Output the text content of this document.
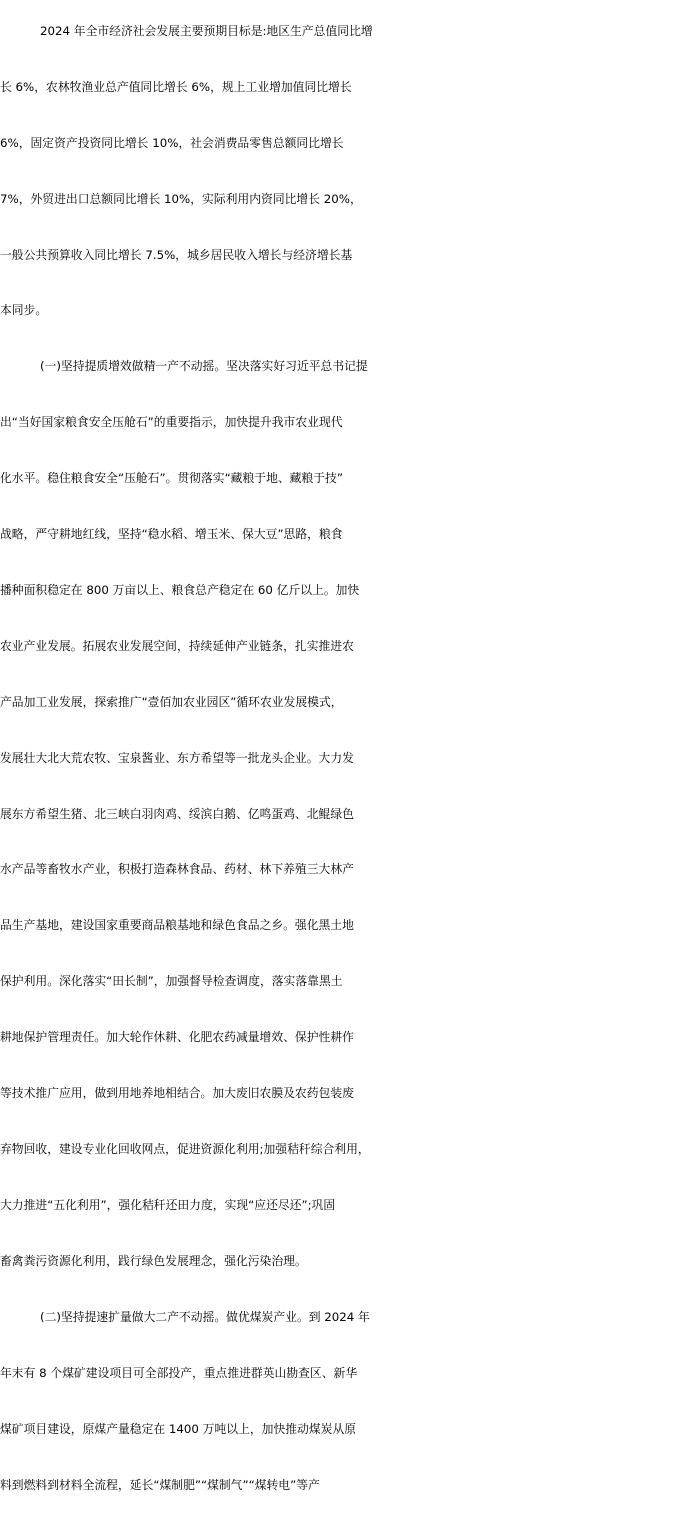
2024 年全市经济社会发展主要预期目标是:地区生产总值同比增
长 6%，农林牧渔业总产值同比增长 6%，规上工业增加值同比增长
6%，固定资产投资同比增长 10%，社会消费品零售总额同比增长
7%，外贸进出口总额同比增长 10%，实际利用内资同比增长 20%，
一般公共预算收入同比增长 7.5%，城乡居民收入增长与经济增长基
本同步。
(一)坚持提质增效做精一产不动摇。坚决落实好习近平总书记提
出“当好国家粮食安全压舱石”的重要指示，加快提升我市农业现代
化水平。稳住粮食安全“压舱石”。贯彻落实“藏粮于地、藏粮于技”
战略，严守耕地红线，坚持“稳水稻、增玉米、保大豆”思路，粮食
播种面积稳定在 800 万亩以上、粮食总产稳定在 60 亿斤以上。加快
农业产业发展。拓展农业发展空间，持续延伸产业链条，扎实推进农
产品加工业发展，探索推广“壹佰加农业园区”循环农业发展模式，
发展壮大北大荒农牧、宝泉酱业、东方希望等一批龙头企业。大力发
展东方希望生猪、北三峡白羽肉鸡、绥滨白鹅、亿鸣蛋鸡、北鲲绿色
水产品等畜牧水产业，积极打造森林食品、药材、林下养殖三大林产
品生产基地，建设国家重要商品粮基地和绿色食品之乡。强化黑土地
保护利用。深化落实“田长制”，加强督导检查调度，落实落靠黑土
耕地保护管理责任。加大轮作休耕、化肥农药减量增效、保护性耕作
等技术推广应用，做到用地养地相结合。加大废旧农膜及农药包装废
弃物回收，建设专业化回收网点，促进资源化利用;加强秸秆综合利用，
大力推进“五化利用”，强化秸秆还田力度，实现“应还尽还”;巩固
畜禽粪污资源化利用，践行绿色发展理念，强化污染治理。
(二)坚持提速扩量做大二产不动摇。做优煤炭产业。到 2024 年
年末有 8 个煤矿建设项目可全部投产，重点推进群英山勘查区、新华
煤矿项目建设，原煤产量稳定在 1400 万吨以上，加快推动煤炭从原
料到燃料到材料全流程，延长“煤制肥”“煤制气”“煤转电”等产
